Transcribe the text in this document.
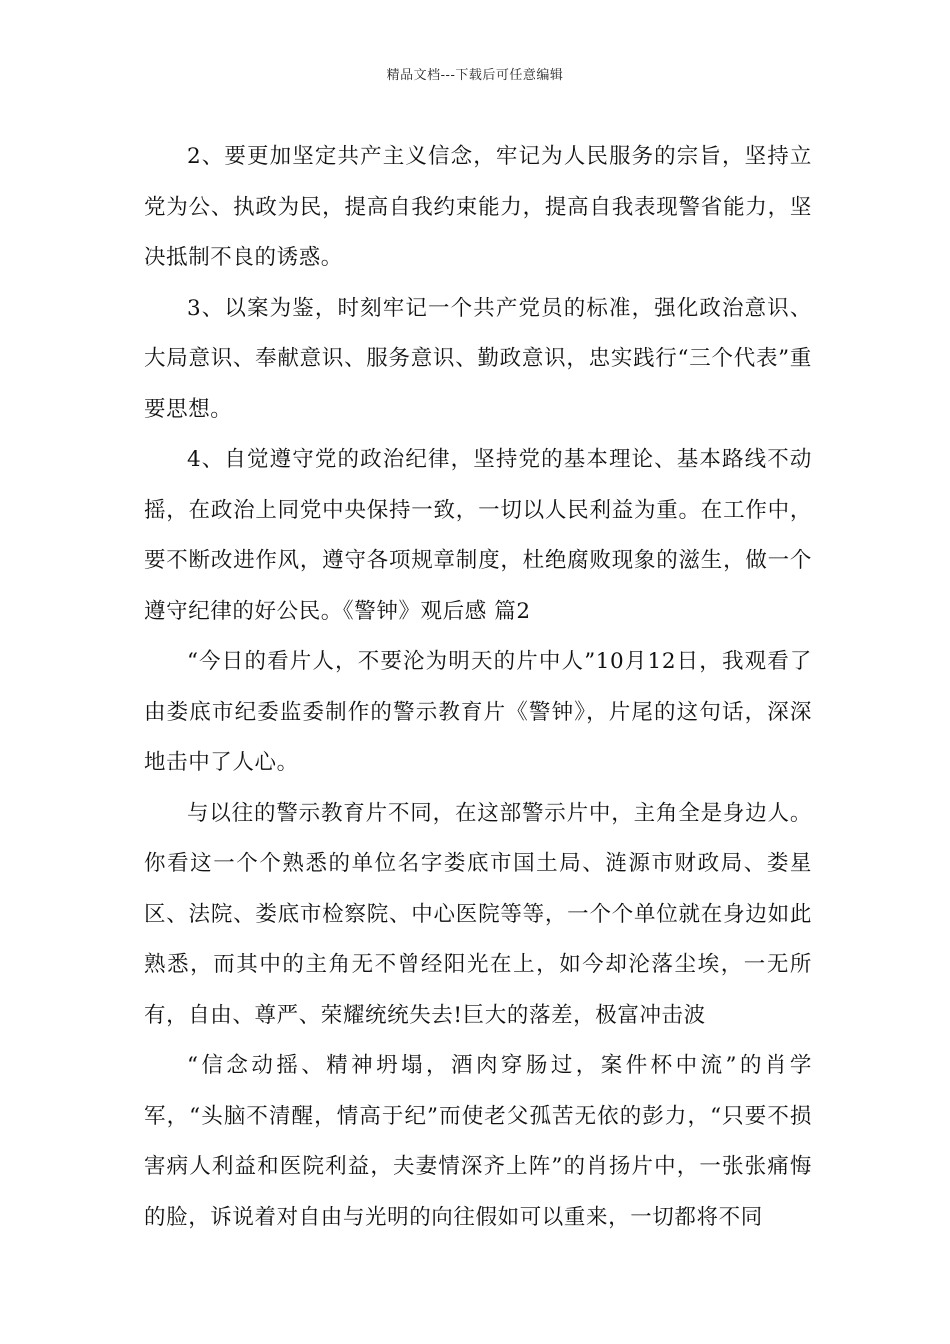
精品文档---下载后可任意编辑

2、要更加坚定共产主义信念，牢记为人民服务的宗旨，坚持立党为公、执政为民，提高自我约束能力，提高自我表现警省能力，坚决抵制不良的诱惑。

3、以案为鉴，时刻牢记一个共产党员的标准，强化政治意识、大局意识、奉献意识、服务意识、勤政意识，忠实践行“三个代表”重要思想。

4、自觉遵守党的政治纪律，坚持党的基本理论、基本路线不动摇，在政治上同党中央保持一致，一切以人民利益为重。在工作中，要不断改进作风，遵守各项规章制度，杜绝腐败现象的滋生，做一个遵守纪律的好公民。《警钟》观后感 篇2

“今日的看片人，不要沦为明天的片中人”10月12日，我观看了由娄底市纪委监委制作的警示教育片《警钟》，片尾的这句话，深深地击中了人心。

与以往的警示教育片不同，在这部警示片中，主角全是身边人。你看这一个个熟悉的单位名字娄底市国土局、涟源市财政局、娄星区、法院、娄底市检察院、中心医院等等，一个个单位就在身边如此熟悉，而其中的主角无不曾经阳光在上，如今却沦落尘埃，一无所有，自由、尊严、荣耀统统失去!巨大的落差，极富冲击波

“信念动摇、精神坍塌，酒肉穿肠过，案件杯中流”的肖学军，“头脑不清醒，情高于纪”而使老父孤苦无依的彭力，“只要不损害病人利益和医院利益，夫妻情深齐上阵”的肖扬片中，一张张痛悔的脸，诉说着对自由与光明的向往假如可以重来，一切都将不同
